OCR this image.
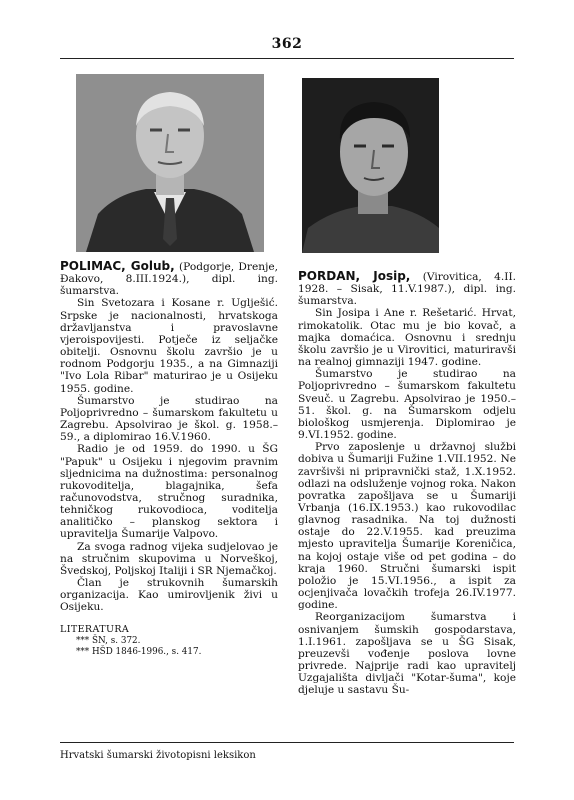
362

POLIMAC, Golub, (Podgorje, Drenje, Đakovo, 8.III.1924.), dipl. ing. šumarstva.

Sin Svetozara i Kosane r. Uglješić. Srpske je nacionalnosti, hrvatskoga državljanstva i pravoslavne vjeroispovijesti. Potječe iz seljačke obitelji. Osnovnu školu završio je u rodnom Podgorju 1935., a na Gimnaziji "Ivo Lola Ribar" maturirao je u Osijeku 1955. godine.

Šumarstvo je studirao na Poljoprivredno – šumarskom fakultetu u Zagrebu. Apsolvirao je škol. g. 1958.–59., a diplomirao 16.V.1960.

Radio je od 1959. do 1990. u ŠG "Papuk" u Osijeku i njegovim pravnim sljednicima na dužnostima: personalnog rukovoditelja, blagajnika, šefa računovodstva, stručnog suradnika, tehničkog rukovodioca, voditelja analitičko – planskog sektora i upravitelja Šumarije Valpovo.

Za svoga radnog vijeka sudjelovao je na stručnim skupovima u Norveškoj, Švedskoj, Poljskoj Italiji i SR Njemačkoj.

Član je strukovnih šumarskih organizacija. Kao umirovljenik živi u Osijeku.

LITERATURA

*** ŠN, s. 372.

*** HŠD 1846-1996., s. 417.

PORDAN, Josip, (Virovitica, 4.II. 1928. – Sisak, 11.V.1987.), dipl. ing. šumarstva.

Sin Josipa i Ane r. Rešetarić. Hrvat, rimokatolik. Otac mu je bio kovač, a majka domaćica. Osnovnu i srednju školu završio je u Virovitici, maturiravši na realnoj gimnaziji 1947. godine.

Šumarstvo je studirao na Poljoprivredno – šumarskom fakultetu Sveuč. u Zagrebu. Apsolvirao je 1950.–51. škol. g. na Šumarskom odjelu biološkog usmjerenja. Diplomirao je 9.VI.1952. godine.

Prvo zaposlenje u državnoj službi dobiva u Šumariji Fužine 1.VII.1952. Ne završivši ni pripravnički staž, 1.X.1952. odlazi na odsluženje vojnog roka. Nakon povratka zapošljava se u Šumariji Vrbanja (16.IX.1953.) kao rukovodilac glavnog rasadnika. Na toj dužnosti ostaje do 22.V.1955. kad preuzima mjesto upravitelja Šumarije Koreničica, na kojoj ostaje više od pet godina – do kraja 1960. Stručni šumarski ispit položio je 15.VI.1956., a ispit za ocjenjivača lovačkih trofeja 26.IV.1977. godine.

Reorganizacijom šumarstva i osnivanjem šumskih gospodarstava, 1.I.1961. zapošljava se u ŠG Sisak, preuzevši vođenje poslova lovne privrede. Najprije radi kao upravitelj Uzgajališta divljači "Kotar-šuma", koje djeluje u sastavu Šu-

Hrvatski šumarski životopisni leksikon
